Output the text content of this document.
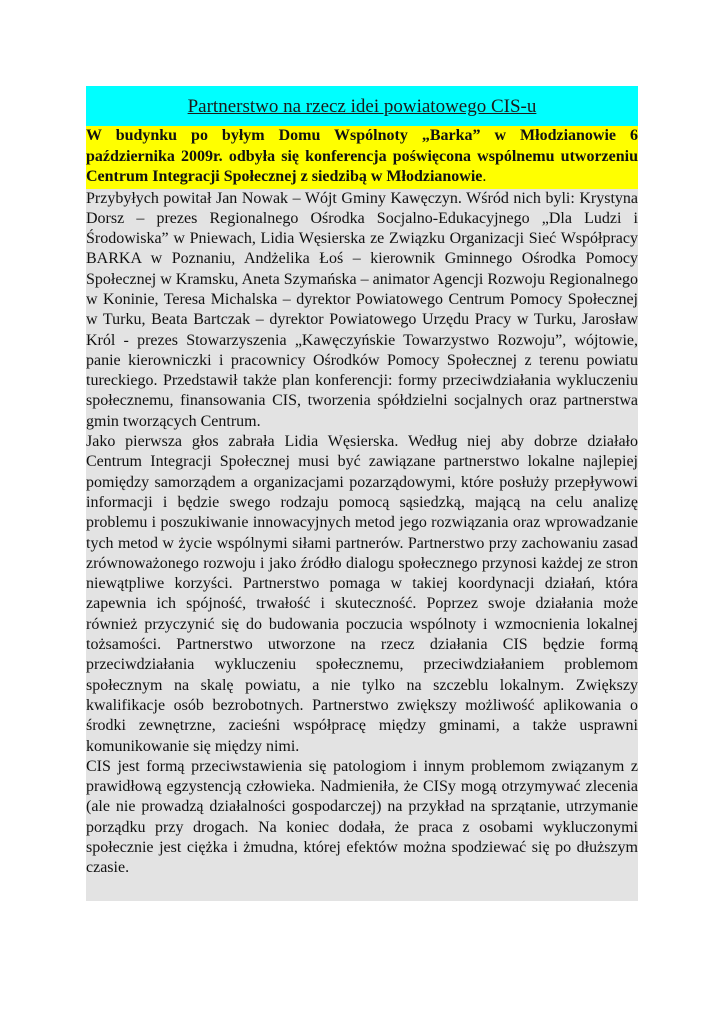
Partnerstwo na rzecz idei powiatowego CIS-u
W budynku po byłym Domu Wspólnoty „Barka” w Młodzianowie 6 października 2009r. odbyła się konferencja poświęcona wspólnemu utworzeniu Centrum Integracji Społecznej z siedzibą w Młodzianowie.

Przybyłych powitał Jan Nowak – Wójt Gminy Kawęczyn. Wśród nich byli: Krystyna Dorsz – prezes Regionalnego Ośrodka Socjalno-Edukacyjnego „Dla Ludzi i Środowiska” w Pniewach, Lidia Węsierska ze Związku Organizacji Sieć Współpracy BARKA w Poznaniu, Andżelika Łoś – kierownik Gminnego Ośrodka Pomocy Społecznej w Kramsku, Aneta Szymańska – animator Agencji Rozwoju Regionalnego w Koninie, Teresa Michalska – dyrektor Powiatowego Centrum Pomocy Społecznej w Turku, Beata Bartczak – dyrektor Powiatowego Urzędu Pracy w Turku, Jarosław Król - prezes Stowarzyszenia „Kawęczyńskie Towarzystwo Rozwoju”, wójtowie, panie kierowniczki i pracownicy Ośrodków Pomocy Społecznej z terenu powiatu tureckiego. Przedstawił także plan konferencji: formy przeciwdziałania wykluczeniu społecznemu, finansowania CIS, tworzenia spółdzielni socjalnych oraz partnerstwa gmin tworzących Centrum.

Jako pierwsza głos zabrała Lidia Węsierska. Według niej aby dobrze działało Centrum Integracji Społecznej musi być zawiązane partnerstwo lokalne najlepiej pomiędzy samorządem a organizacjami pozarządowymi, które posłuży przepływowi informacji i będzie swego rodzaju pomocą sąsiedzką, mającą na celu analizę problemu i poszukiwanie innowacyjnych metod jego rozwiązania oraz wprowadzanie tych metod w życie wspólnymi siłami partnerów. Partnerstwo przy zachowaniu zasad zrównoważonego rozwoju i jako źródło dialogu społecznego przynosi każdej ze stron niewątpliwe korzyści. Partnerstwo pomaga w takiej koordynacji działań, która zapewnia ich spójność, trwałość i skuteczność. Poprzez swoje działania może również przyczynić się do budowania poczucia wspólnoty i wzmocnienia lokalnej tożsamości. Partnerstwo utworzone na rzecz działania CIS będzie formą przeciwdziałania wykluczeniu społecznemu, przeciwdziałaniem problemom społecznym na skalę powiatu, a nie tylko na szczeblu lokalnym. Zwiększy kwalifikacje osób bezrobotnych. Partnerstwo zwiększy możliwość aplikowania o środki zewnętrzne, zacieśni współpracę między gminami, a także usprawni komunikowanie się między nimi.

CIS jest formą przeciwstawienia się patologiom i innym problemom związanym z prawidłową egzystencją człowieka. Nadmieniła, że CISy mogą otrzymywać zlecenia (ale nie prowadzą działalności gospodarczej) na przykład na sprzątanie, utrzymanie porządku przy drogach. Na koniec dodała, że praca z osobami wykluczonymi społecznie jest ciężka i żmudna, której efektów można spodziewać się po dłuższym czasie.
